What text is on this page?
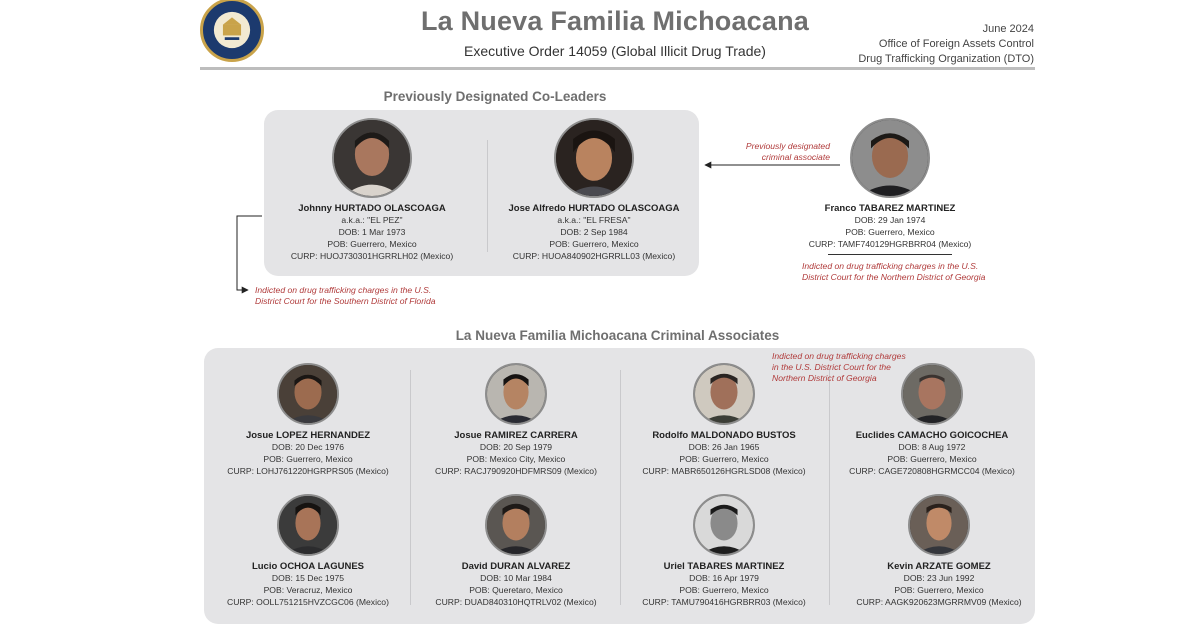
La Nueva Familia Michoacana
Executive Order 14059 (Global Illicit Drug Trade)
June 2024
Office of Foreign Assets Control
Drug Trafficking Organization (DTO)
Previously Designated Co-Leaders
Johnny HURTADO OLASCOAGA
a.k.a.: "EL PEZ"
DOB: 1 Mar 1973
POB: Guerrero, Mexico
CURP: HUOJ730301HGRRLH02 (Mexico)
Jose Alfredo HURTADO OLASCOAGA
a.k.a.: "EL FRESA"
DOB: 2 Sep 1984
POB: Guerrero, Mexico
CURP: HUOA840902HGRRLL03 (Mexico)
Franco TABAREZ MARTINEZ
DOB: 29 Jan 1974
POB: Guerrero, Mexico
CURP: TAMF740129HGRBRR04 (Mexico)
Previously designated criminal associate
Indicted on drug trafficking charges in the U.S. District Court for the Northern District of Georgia
Indicted on drug trafficking charges in the U.S. District Court for the Southern District of Florida
La Nueva Familia Michoacana Criminal Associates
Indicted on drug trafficking charges in the U.S. District Court for the Northern District of Georgia
Josue LOPEZ HERNANDEZ
DOB: 20 Dec 1976
POB: Guerrero, Mexico
CURP: LOHJ761220HGRPRS05 (Mexico)
Josue RAMIREZ CARRERA
DOB: 20 Sep 1979
POB: Mexico City, Mexico
CURP: RACJ790920HDFMRS09 (Mexico)
Rodolfo MALDONADO BUSTOS
DOB: 26 Jan 1965
POB: Guerrero, Mexico
CURP: MABR650126HGRLSD08 (Mexico)
Euclides CAMACHO GOICOCHEA
DOB: 8 Aug 1972
POB: Guerrero, Mexico
CURP: CAGE720808HGRMCC04 (Mexico)
Lucio OCHOA LAGUNES
DOB: 15 Dec 1975
POB: Veracruz, Mexico
CURP: OOLL751215HVZCGC06 (Mexico)
David DURAN ALVAREZ
DOB: 10 Mar 1984
POB: Queretaro, Mexico
CURP: DUAD840310HQTRLV02 (Mexico)
Uriel TABARES MARTINEZ
DOB: 16 Apr 1979
POB: Guerrero, Mexico
CURP: TAMU790416HGRBRR03 (Mexico)
Kevin ARZATE GOMEZ
DOB: 23 Jun 1992
POB: Guerrero, Mexico
CURP: AAGK920623MGRRMV09 (Mexico)
